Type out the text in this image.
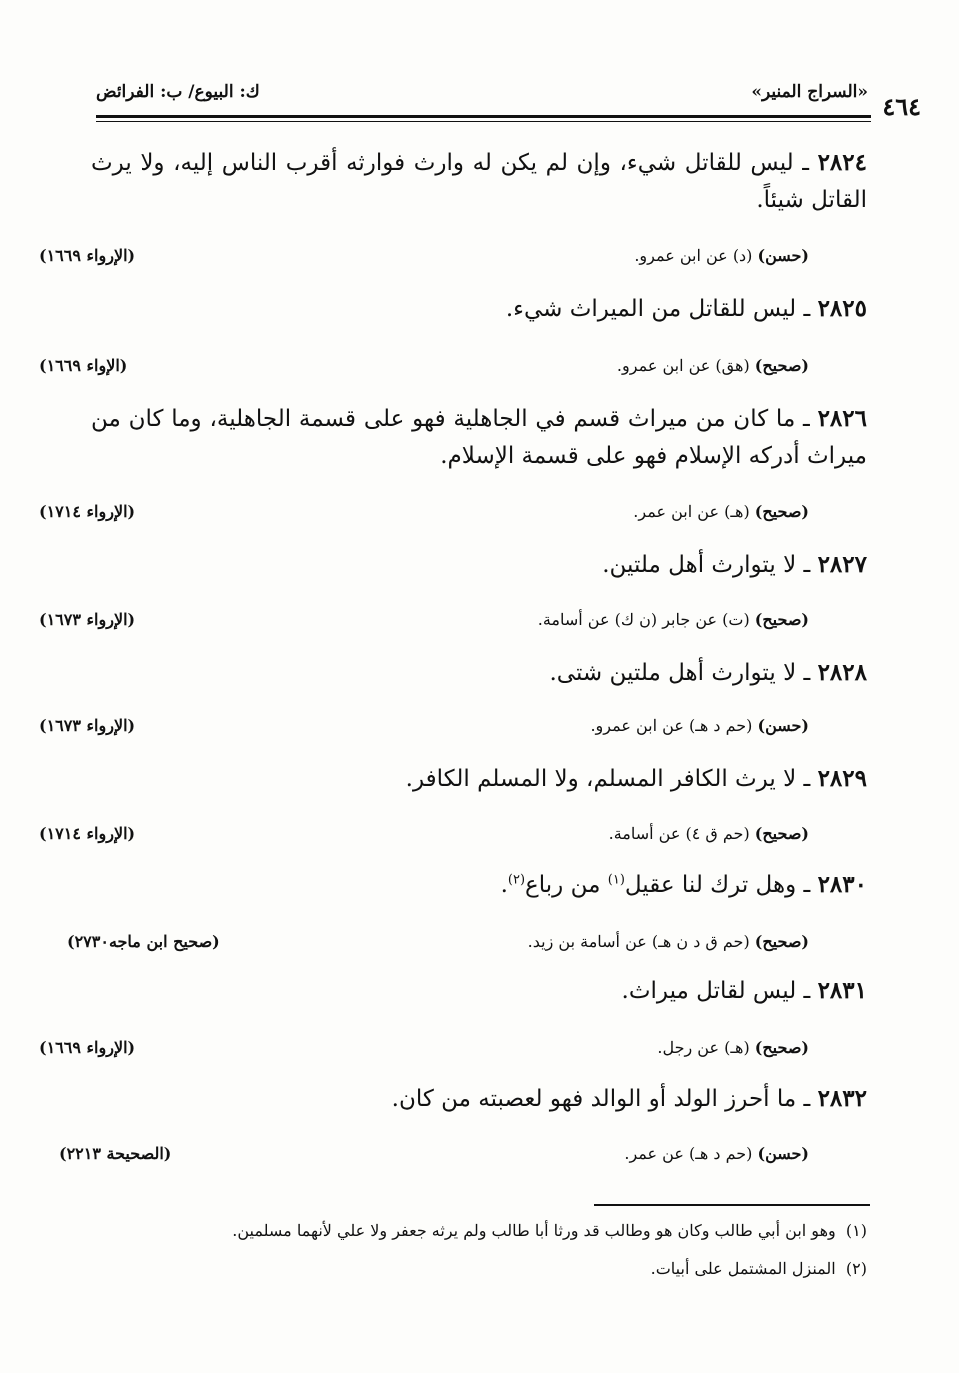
«السراج المنير»
ك: البيوع/ ب: الفرائض	٤٦٤
٢٨٢٤ ـ ليس للقاتل شيء، وإن لم يكن له وارث فوارثه أقرب الناس إليه، ولا يرث القاتل شيئاً.
(حسن) (د) عن ابن عمرو.
(الإرواء ١٦٦٩)
٢٨٢٥ ـ ليس للقاتل من الميراث شيء.
(صحيح) (هق) عن ابن عمرو.
(الإواء ١٦٦٩)
٢٨٢٦ ـ ما كان من ميراث قسم في الجاهلية فهو على قسمة الجاهلية، وما كان من ميراث أدركه الإسلام فهو على قسمة الإسلام.
(صحيح) (هـ) عن ابن عمر.
(الإرواء ١٧١٤)
٢٨٢٧ ـ لا يتوارث أهل ملتين.
(صحيح) (ت) عن جابر (ن ك) عن أسامة.
(الإرواء ١٦٧٣)
٢٨٢٨ ـ لا يتوارث أهل ملتين شتى.
(حسن) (حم د هـ) عن ابن عمرو.
(الإرواء ١٦٧٣)
٢٨٢٩ ـ لا يرث الكافر المسلم، ولا المسلم الكافر.
(صحيح) (حم ق ٤) عن أسامة.
(الإرواء ١٧١٤)
٢٨٣٠ ـ وهل ترك لنا عقيل$^{(١)}$ من رباع$^{(٢)}$.
(صحيح) (حم ق د ن هـ) عن أسامة بن زيد.
(صحيح ابن ماجه٢٧٣٠)
٢٨٣١ ـ ليس لقاتل ميراث.
(صحيح) (هـ) عن رجل.
(الإرواء ١٦٦٩)
٢٨٣٢ ـ ما أحرز الولد أو الوالد فهو لعصبته من كان.
(حسن) (حم د هـ) عن عمر.
(الصحيحة ٢٢١٣)
(١)  وهو ابن أبي طالب وكان هو وطالب قد ورثا أبا طالب ولم يرثه جعفر ولا علي لأنهما مسلمين.
(٢)  المنزل المشتمل على أبيات.
